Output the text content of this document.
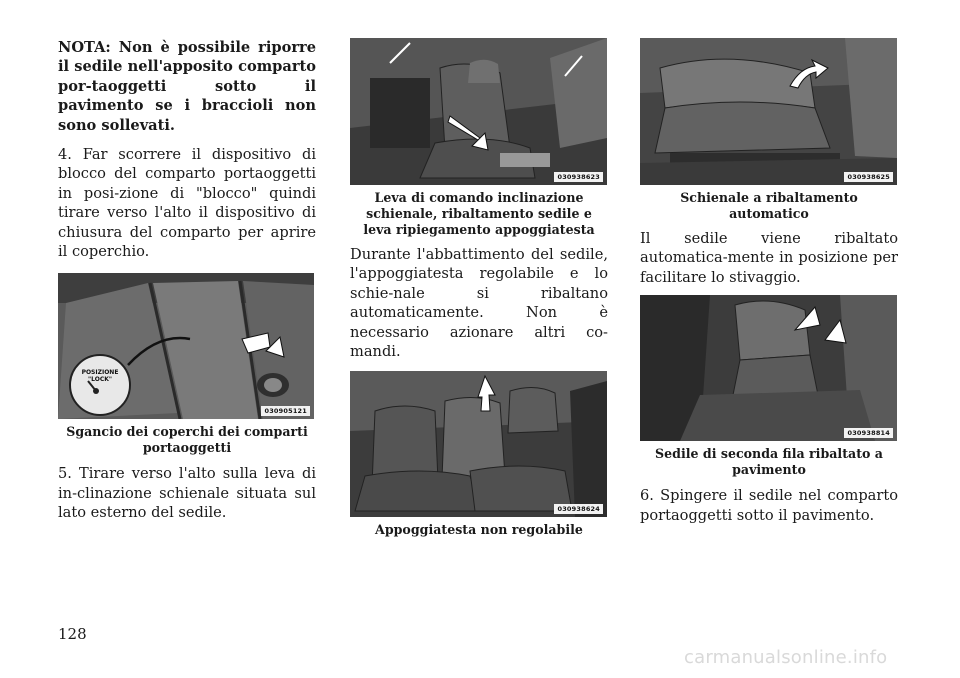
NOTA: Non è possibile riporre il sedile nell'apposito comparto por-taoggetti sotto il pavimento se i braccioli non sono sollevati.

4. Far scorrere il dispositivo di blocco del comparto portaoggetti in posi-zione di "blocco" quindi tirare verso l'alto il dispositivo di chiusura del comparto per aprire il coperchio.

POSIZIONE
"LOCK"
030905121
Sgancio dei coperchi dei comparti portaoggetti

5. Tirare verso l'alto sulla leva di in-clinazione schienale situata sul lato esterno del sedile.

030938623
Leva di comando inclinazione schienale, ribaltamento sedile e leva ripiegamento appoggiatesta

Durante l'abbattimento del sedile, l'appoggiatesta regolabile e lo schie-nale si ribaltano automaticamente. Non è necessario azionare altri co-mandi.

030938624
Appoggiatesta non regolabile
030938625
Schienale a ribaltamento automatico

Il sedile viene ribaltato automatica-mente in posizione per facilitare lo stivaggio.

030938814
Sedile di seconda fila ribaltato a pavimento

6. Spingere il sedile nel comparto portaoggetti sotto il pavimento.

128
carmanualsonline.info
